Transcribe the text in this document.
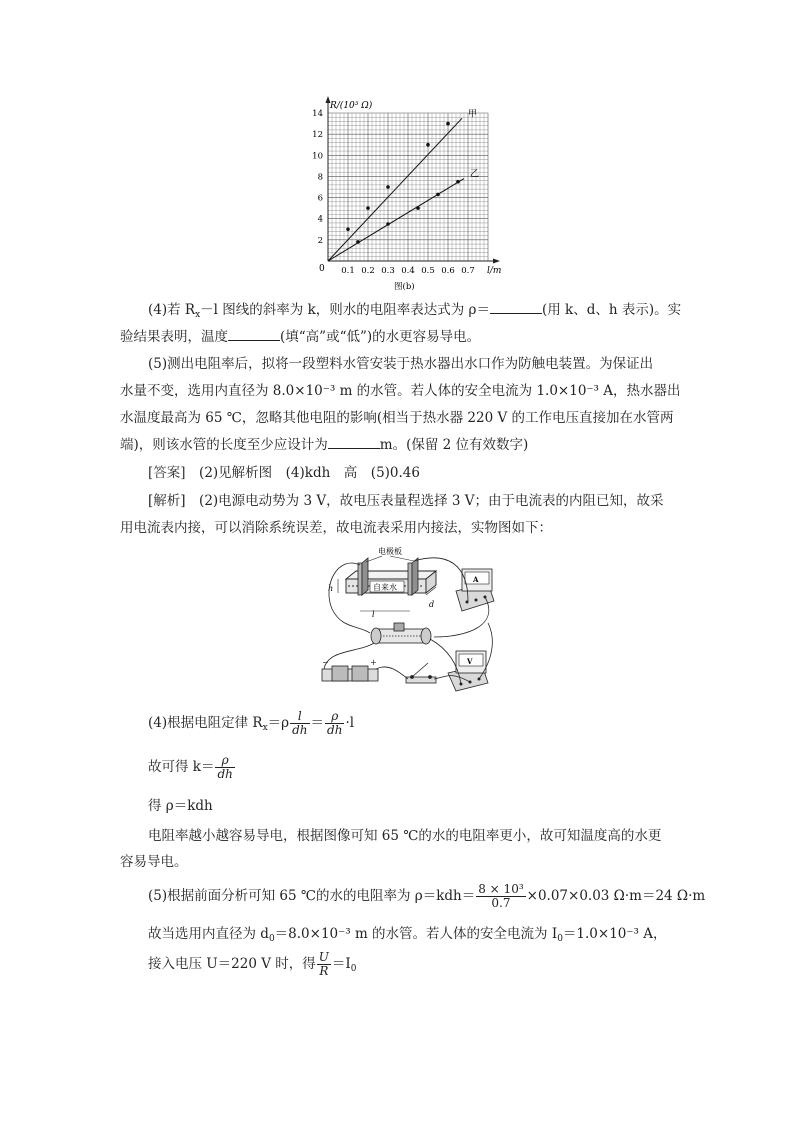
0.1 0.2 0.3 0.4 0.5 0.6 0.7
2
4
6
8
10
12
14	甲
乙
R/(10³ Ω)
l/m
0
图(b)
(4)若 $R_x-l$ 图线的斜率为 k，则水的电阻率表达式为 ρ＝	(用 k、d、h 表示)。实
验结果表明，温度	(填“高”或“低”)的水更容易导电。
(5)测出电阻率后，拟将一段塑料水管安装于热水器出水口作为防触电装置。为保证出
水量不变，选用内直径为 8.0×10⁻³ m 的水管。若人体的安全电流为 1.0×10⁻³ A，热水器出
水温度最高为 65 ℃，忽略其他电阻的影响(相当于热水器 220 V 的工作电压直接加在水管两
端)，则该水管的长度至少应设计为	m。(保留 2 位有效数字)
[答案]　 (2)见解析图　(4)kdh　高　(5)0.46
[解析]　 (2)电源电动势为 3 V，故电压表量程选择 3 V；由于电流表的内阻已知，故采
用电流表内接，可以消除系统误差，故电流表采用内接法，实物图如下：
电极板
自来水
h
d
l
A
−	+	V
(4)根据电阻定律 $R_x=\rho \frac{l}{dh} = \frac{\rho}{dh} \cdot l$
故可得 $k= \frac{\rho}{dh}$
得 ρ＝kdh
电阻率越小越容易导电，根据图像可知 65 ℃的水的电阻率更小，故可知温度高的水更
容易导电。
(5)根据前面分析可知 65 ℃的水的电阻率为 $\rho=kdh= \frac{\text{8 × 10³}}{0.7} \times 0.07\times 0.03$ Ω·m＝24 Ω·m
故当选用内直径为 $d_0=8.0\times 10^{-3}$ m 的水管。若人体的安全电流为 $I_0=1.0\times 10^{-3}$ A，
接入电压 U＝220 V 时，得 $\frac{U}{R} =I_0$
